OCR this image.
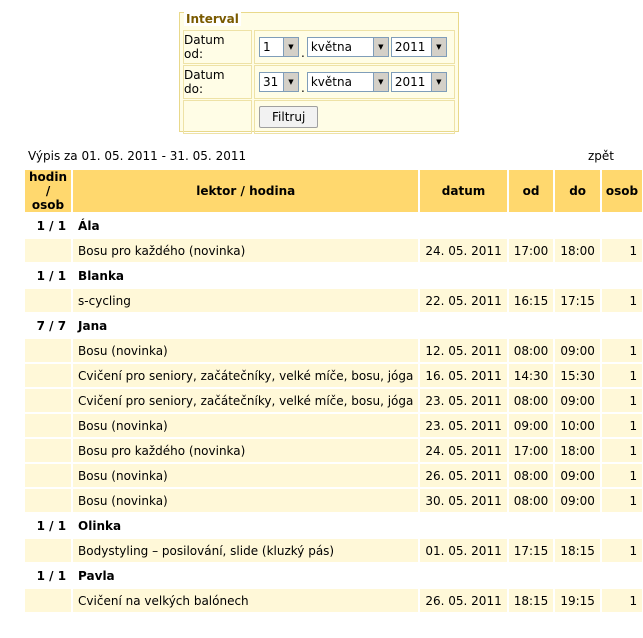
Interval
Datum od:	1	▼ . května	▼ 2011	▼
Datum do:	31	▼ . května	▼ 2011	▼
Filtruj
Výpis za 01. 05. 2011 - 31. 05. 2011	zpět
hodin / osob	lektor / hodina	datum	od	do	osob
1 / 1	Ála				
	Bosu pro každého (novinka)	24. 05. 2011	17:00	18:00	1
1 / 1	Blanka				
	s-cycling	22. 05. 2011	16:15	17:15	1
7 / 7	Jana				
	Bosu (novinka)	12. 05. 2011	08:00	09:00	1
	Cvičení pro seniory, začátečníky, velké míče, bosu, jóga	16. 05. 2011	14:30	15:30	1
	Cvičení pro seniory, začátečníky, velké míče, bosu, jóga	23. 05. 2011	08:00	09:00	1
	Bosu (novinka)	23. 05. 2011	09:00	10:00	1
	Bosu pro každého (novinka)	24. 05. 2011	17:00	18:00	1
	Bosu (novinka)	26. 05. 2011	08:00	09:00	1
	Bosu (novinka)	30. 05. 2011	08:00	09:00	1
1 / 1	Olinka				
	Bodystyling – posilování, slide (kluzký pás)	01. 05. 2011	17:15	18:15	1
1 / 1	Pavla				
	Cvičení na velkých balónech	26. 05. 2011	18:15	19:15	1
